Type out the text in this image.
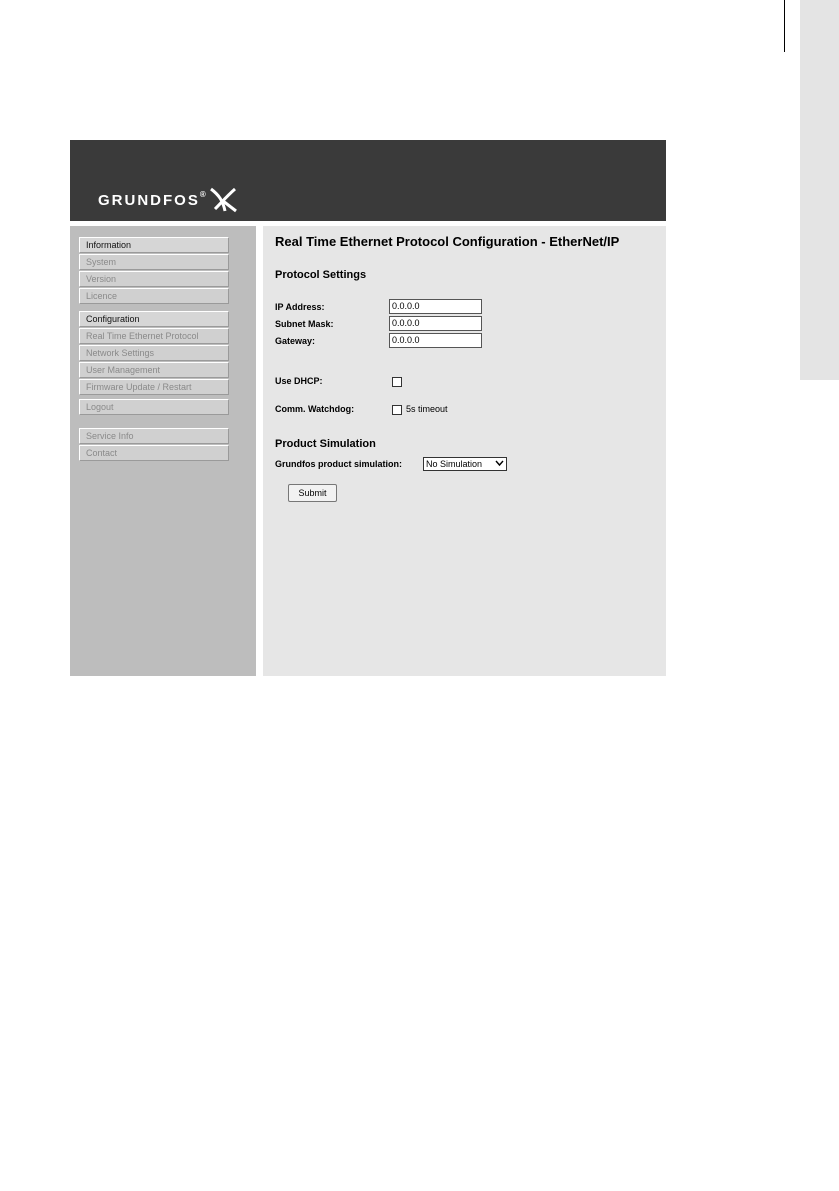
GRUNDFOS ®
Information
System
Version
Licence
Configuration
Real Time Ethernet Protocol
Network Settings
User Management
Firmware Update / Restart
Logout
Service Info
Contact
Real Time Ethernet Protocol Configuration - EtherNet/IP
Protocol Settings
IP Address:	0.0.0.0
Subnet Mask:	0.0.0.0
Gateway:	0.0.0.0
Use DHCP:
Comm. Watchdog:	5s timeout
Product Simulation
Grundfos product simulation:	No Simulation
Submit
